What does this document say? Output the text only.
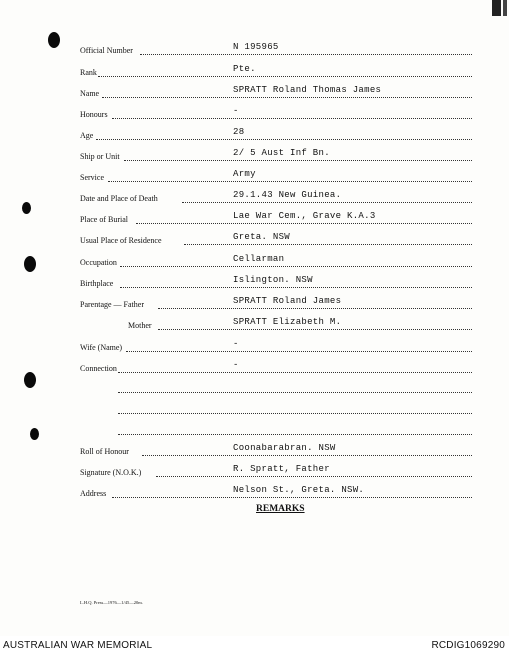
Official Number	N 195965
Rank	Pte.
Name	SPRATT Roland Thomas James
Honours	-
Age	28
Ship or Unit	2/ 5 Aust Inf Bn.
Service	Army
Date and Place of Death	29.1.43 New Guinea.
Place of Burial	Lae War Cem., Grave K.A.3
Usual Place of Residence	Greta. NSW
Occupation	Cellarman
Birthplace	Islington. NSW
Parentage — Father	SPRATT Roland James
Mother	SPRATT Elizabeth M.
Wife (Name)	-
Connection	-
Roll of Honour	Coonabarabran. NSW
Signature (N.O.K.)	R. Spratt, Father
Address	Nelson St., Greta. NSW.
REMARKS
L.H.Q. Press—1976—1/45—20m.
AUSTRALIAN WAR MEMORIAL	RCDIG1069290
